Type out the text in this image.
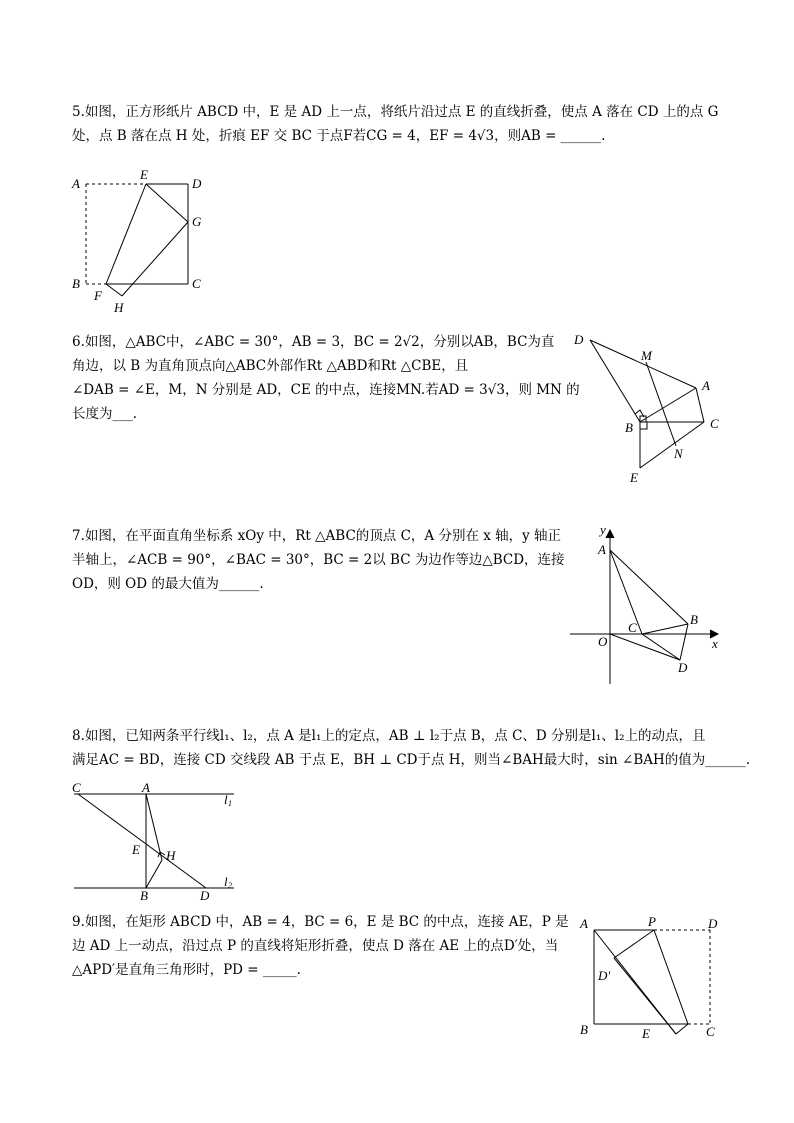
5.如图，正方形纸片 ABCD 中，E 是 AD 上一点，将纸片沿过点 E 的直线折叠，使点 A 落在 CD 上的点 G
处，点 B 落在点 H 处，折痕 EF 交 BC 于点F若CG = 4，EF = 4√3，则AB = ______.
A
E
D
G
C
B
F
H
6.如图，△ABC中，∠ABC = 30°，AB = 3，BC = 2√2，分别以AB，BC为直
角边，以 B 为直角顶点向△ABC外部作Rt △ABD和Rt △CBE，且
∠DAB = ∠E，M，N 分别是 AD，CE 的中点，连接MN.若AD = 3√3，则 MN 的
长度为___.
D
M
A
B	C
N
E
7.如图，在平面直角坐标系 xOy 中，Rt △ABC的顶点 C，A 分别在 x 轴，y 轴正
半轴上，∠ACB = 90°，∠BAC = 30°，BC = 2以 BC 为边作等边△BCD，连接
OD，则 OD 的最大值为______.
y
A
B
C
O	x
D
8.如图，已知两条平行线l₁、l₂，点 A 是l₁上的定点，AB ⊥ l₂于点 B，点 C、D 分别是l₁、l₂上的动点，且
满足AC = BD，连接 CD 交线段 AB 于点 E，BH ⊥ CD于点 H，则当∠BAH最大时，sin ∠BAH的值为______.
C	A
E H
B	D
l 1
l 2
9.如图，在矩形 ABCD 中，AB = 4，BC = 6，E 是 BC 的中点，连接 AE，P 是
边 AD 上一动点，沿过点 P 的直线将矩形折叠，使点 D 落在 AE 上的点D′处，当
△APD′是直角三角形时，PD = _____.
A	P	D
D′
B	E	C
